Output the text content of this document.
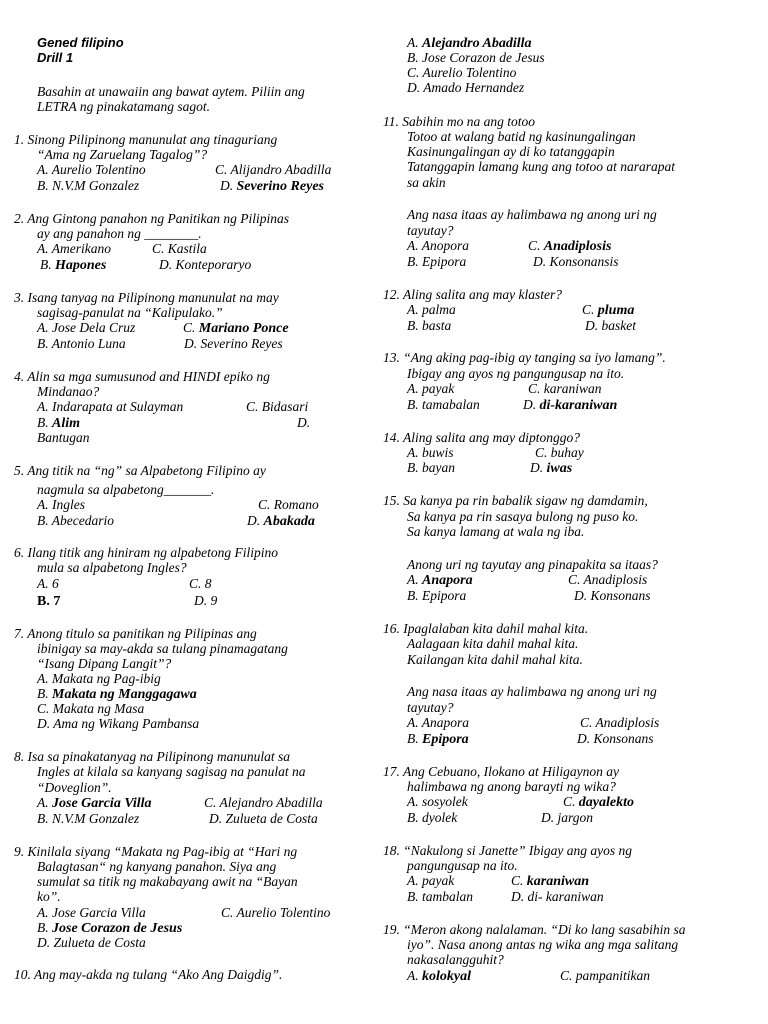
Gened filipino
Drill 1
Basahin at unawaiin ang bawat aytem. Piliin ang
LETRA ng pinakatamang sagot.
1. Sinong Pilipinong manunulat ang tinaguriang
“Ama ng Zaruelang Tagalog”?
A. Aurelio Tolentino	C. Alijandro Abadilla
B. N.V.M Gonzalez	D. Severino Reyes
2. Ang Gintong panahon ng Panitikan ng Pilipinas
ay ang panahon ng ________.
A. Amerikano	C. Kastila
B. Hapones	D. Konteporaryo
3. Isang tanyag na Pilipinong manunulat na may
sagisag-panulat na “Kalipulako.”
A. Jose Dela Cruz	C. Mariano Ponce
B. Antonio Luna	D. Severino Reyes
4. Alin sa mga sumusunod and HINDI epiko ng
Mindanao?
A. Indarapata at Sulayman	C. Bidasari
B. Alim	D.
Bantugan
5. Ang titik na “ng” sa Alpabetong Filipino ay
nagmula sa alpabetong_______.
A. Ingles	C. Romano
B. Abecedario	D. Abakada
6. Ilang titik ang hiniram ng alpabetong Filipino
mula sa alpabetong Ingles?
A. 6	C. 8
B. 7	D. 9
7. Anong titulo sa panitikan ng Pilipinas ang
ibinigay sa may-akda sa tulang pinamagatang
“Isang Dipang Langit”?
A. Makata ng Pag-ibig
B. Makata ng Manggagawa
C. Makata ng Masa
D. Ama ng Wikang Pambansa
8. Isa sa pinakatanyag na Pilipinong manunulat sa
Ingles at kilala sa kanyang sagisag na panulat na
“Doveglion”.
A. Jose Garcia Villa	C. Alejandro Abadilla
B. N.V.M Gonzalez	D. Zulueta de Costa
9. Kinilala siyang “Makata ng Pag-ibig at “Hari ng
Balagtasan“ ng kanyang panahon. Siya ang
sumulat sa titik ng makabayang awit na “Bayan
ko”.
A. Jose Garcia Villa	C. Aurelio Tolentino
B. Jose Corazon de Jesus
D. Zulueta de Costa
10. Ang may-akda ng tulang “Ako Ang Daigdig”.
A. Alejandro Abadilla
B. Jose Corazon de Jesus
C. Aurelio Tolentino
D. Amado Hernandez
11. Sabihin mo na ang totoo
Totoo at walang batid ng kasinungalingan
Kasinungalingan ay di ko tatanggapin
Tatanggapin lamang kung ang totoo at nararapat
sa akin
Ang nasa itaas ay halimbawa ng anong uri ng
tayutay?
A. Anopora	C. Anadiplosis
B. Epipora	D. Konsonansis
12. Aling salita ang may klaster?
A. palma	C. pluma
B. basta	D. basket
13. “Ang aking pag-ibig ay tanging sa iyo lamang”.
Ibigay ang ayos ng pangungusap na ito.
A. payak	C. karaniwan
B. tamabalan	D. di-karaniwan
14. Aling salita ang may diptonggo?
A. buwis	C. buhay
B. bayan	D. iwas
15. Sa kanya pa rin babalik sigaw ng damdamin,
Sa kanya pa rin sasaya bulong ng puso ko.
Sa kanya lamang at wala ng iba.
Anong uri ng tayutay ang pinapakita sa itaas?
A. Anapora	C. Anadiplosis
B. Epipora	D. Konsonans
16. Ipaglalaban kita dahil mahal kita.
Aalagaan kita dahil mahal kita.
Kailangan kita dahil mahal kita.
Ang nasa itaas ay halimbawa ng anong uri ng
tayutay?
A. Anapora	C. Anadiplosis
B. Epipora	D. Konsonans
17. Ang Cebuano, Ilokano at Hiligaynon ay
halimbawa ng anong barayti ng wika?
A. sosyolek	C. dayalekto
B. dyolek	D. jargon
18. “Nakulong si Janette” Ibigay ang ayos ng
pangungusap na ito.
A. payak	C. karaniwan
B. tambalan	D. di- karaniwan
19. “Meron akong nalalaman. “Di ko lang sasabihin sa
iyo”. Nasa anong antas ng wika ang mga salitang
nakasalangguhit?
A. kolokyal	C. pampanitikan
